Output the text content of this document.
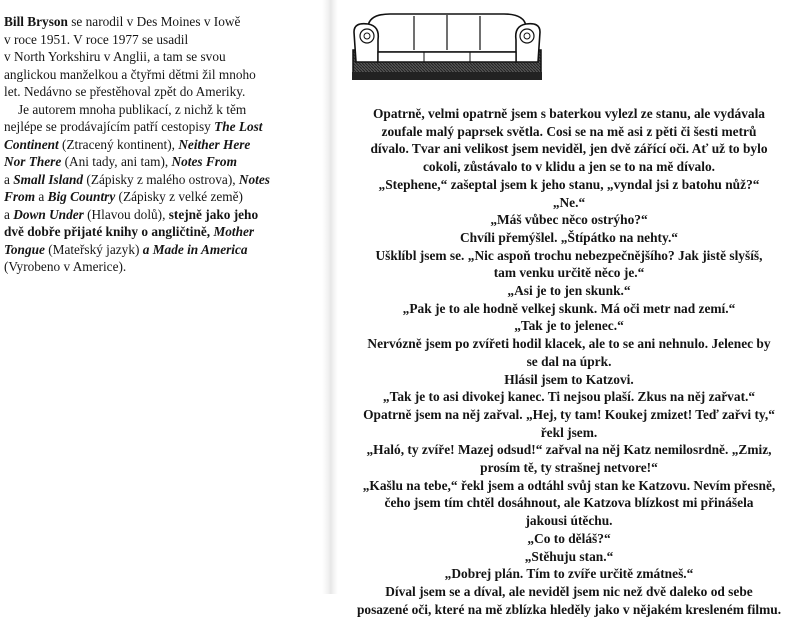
Bill Bryson se narodil v Des Moines v Iowě

v roce 1951. V roce 1977 se usadil

v North Yorkshiru v Anglii, a tam se svou

anglickou manželkou a čtyřmi dětmi žil mnoho

let. Nedávno se přestěhoval zpět do Ameriky.

Je autorem mnoha publikací, z nichž k těm

nejlépe se prodávajícím patří cestopisy The Lost

Continent (Ztracený kontinent), Neither Here

Nor There (Ani tady, ani tam), Notes From

a Small Island (Zápisky z malého ostrova), Notes

From a Big Country (Zápisky z velké země)

a Down Under (Hlavou dolů), stejně jako jeho

dvě dobře přijaté knihy o angličtině, Mother

Tongue (Mateřský jazyk) a Made in America

(Vyrobeno v Americe).

Opatrně, velmi opatrně jsem s baterkou vylezl ze stanu, ale vydávala

zoufale malý paprsek světla. Cosi se na mě asi z pěti či šesti metrů

dívalo. Tvar ani velikost jsem neviděl, jen dvě zářící oči. Ať už to bylo

cokoli, zůstávalo to v klidu a jen se to na mě dívalo.

„Stephene,“ zašeptal jsem k jeho stanu, „vyndal jsi z batohu nůž?“

„Ne.“

„Máš vůbec něco ostrýho?“

Chvíli přemýšlel. „Štípátko na nehty.“

Ušklíbl jsem se. „Nic aspoň trochu nebezpečnějšího? Jak jistě slyšíš,

tam venku určitě něco je.“

„Asi je to jen skunk.“

„Pak je to ale hodně velkej skunk. Má oči metr nad zemí.“

„Tak je to jelenec.“

Nervózně jsem po zvířeti hodil klacek, ale to se ani nehnulo. Jelenec by

se dal na úprk.

Hlásil jsem to Katzovi.

„Tak je to asi divokej kanec. Ti nejsou plaší. Zkus na něj zařvat.“

Opatrně jsem na něj zařval. „Hej, ty tam! Koukej zmizet! Teď zařvi ty,“

řekl jsem.

„Haló, ty zvíře! Mazej odsud!“ zařval na něj Katz nemilosrdně. „Zmiz,

prosím tě, ty strašnej netvore!“

„Kašlu na tebe,“ řekl jsem a odtáhl svůj stan ke Katzovu. Nevím přesně,

čeho jsem tím chtěl dosáhnout, ale Katzova blízkost mi přinášela

jakousi útěchu.

„Co to děláš?“

„Stěhuju stan.“

„Dobrej plán. Tím to zvíře určitě zmátneš.“

Díval jsem se a díval, ale neviděl jsem nic než dvě daleko od sebe

posazené oči, které na mě zblízka hleděly jako v nějakém kresleném filmu.
